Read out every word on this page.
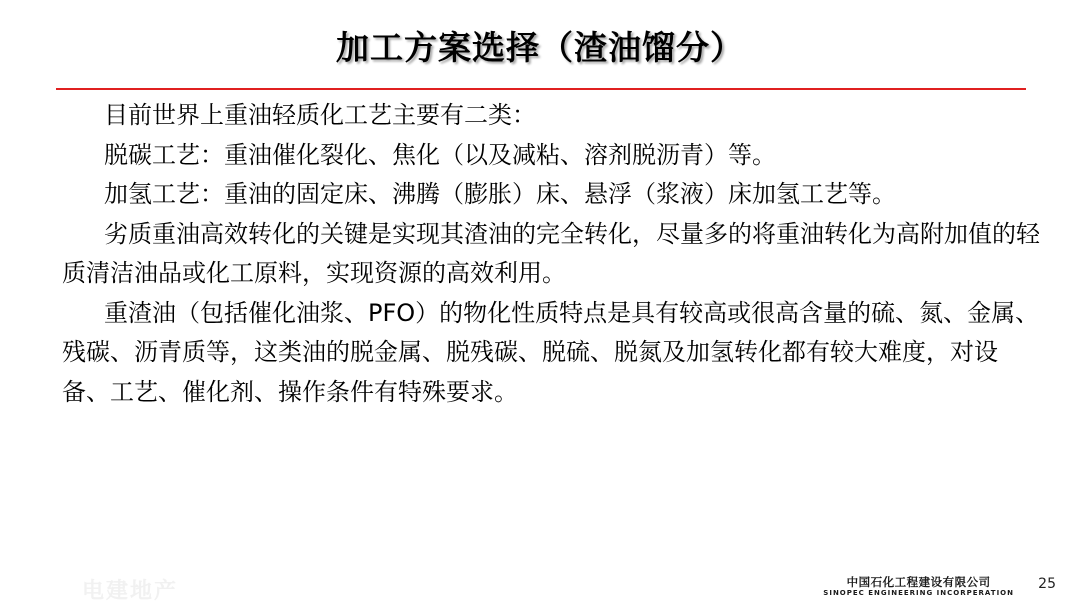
加工方案选择（渣油馏分）

目前世界上重油轻质化工艺主要有二类：

脱碳工艺：重油催化裂化、焦化（以及减粘、溶剂脱沥青）等。

加氢工艺：重油的固定床、沸腾（膨胀）床、悬浮（浆液）床加氢工艺等。

劣质重油高效转化的关键是实现其渣油的完全转化，尽量多的将重油转化为高附加值的轻质清洁油品或化工原料，实现资源的高效利用。

重渣油（包括催化油浆、PFO）的物化性质特点是具有较高或很高含量的硫、氮、金属、残碳、沥青质等，这类油的脱金属、脱残碳、脱硫、脱氮及加氢转化都有较大难度，对设备、工艺、催化剂、操作条件有特殊要求。

电建地产	中国石化工程建设有限公司
SINOPEC ENGINEERING INCORPERATION
25
